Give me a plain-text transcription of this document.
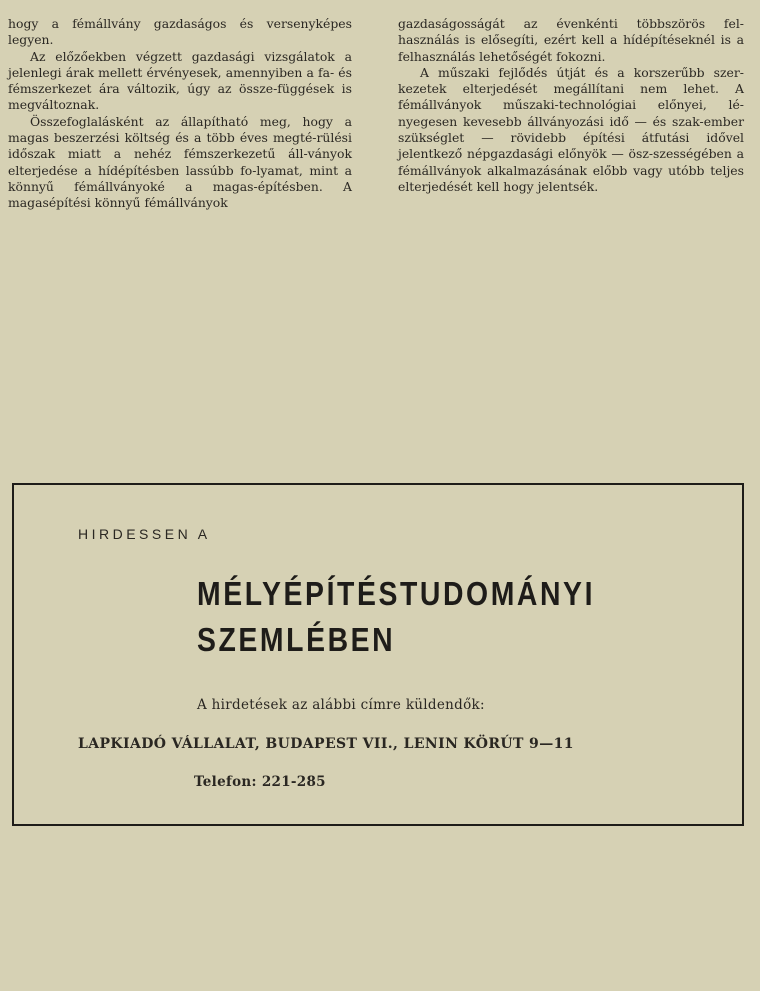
hogy a fémállvány gazdaságos és versenyképes legyen.

Az előzőekben végzett gazdasági vizsgálatok a jelenlegi árak mellett érvényesek, amennyiben a fa- és fémszerkezet ára változik, úgy az össze-függések is megváltoznak.

Összefoglalásként az állapítható meg, hogy a magas beszerzési költség és a több éves megté-rülési időszak miatt a nehéz fémszerkezetű áll-ványok elterjedése a hídépítésben lassúbb fo-lyamat, mint a könnyű fémállványoké a magas-építésben. A magasépítési könnyű fémállványok

gazdaságosságát az évenkénti többszörös fel-használás is elősegíti, ezért kell a hídépítéseknél is a felhasználás lehetőségét fokozni.

A műszaki fejlődés útját és a korszerűbb szer-kezetek elterjedését megállítani nem lehet. A fémállványok műszaki-technológiai előnyei, lé-nyegesen kevesebb állványozási idő — és szak-ember szükséglet — rövidebb építési átfutási idővel jelentkező népgazdasági előnyök — ösz-szességében a fémállványok alkalmazásának előbb vagy utóbb teljes elterjedését kell hogy jelentsék.

HIRDESSEN A
MÉLYÉPÍTÉSTUDOMÁNYI
SZEMLÉBEN
A hirdetések az alábbi címre küldendők:
LAPKIADÓ VÁLLALAT, BUDAPEST VII., LENIN KÖRÚT 9—11
Telefon: 221-285
